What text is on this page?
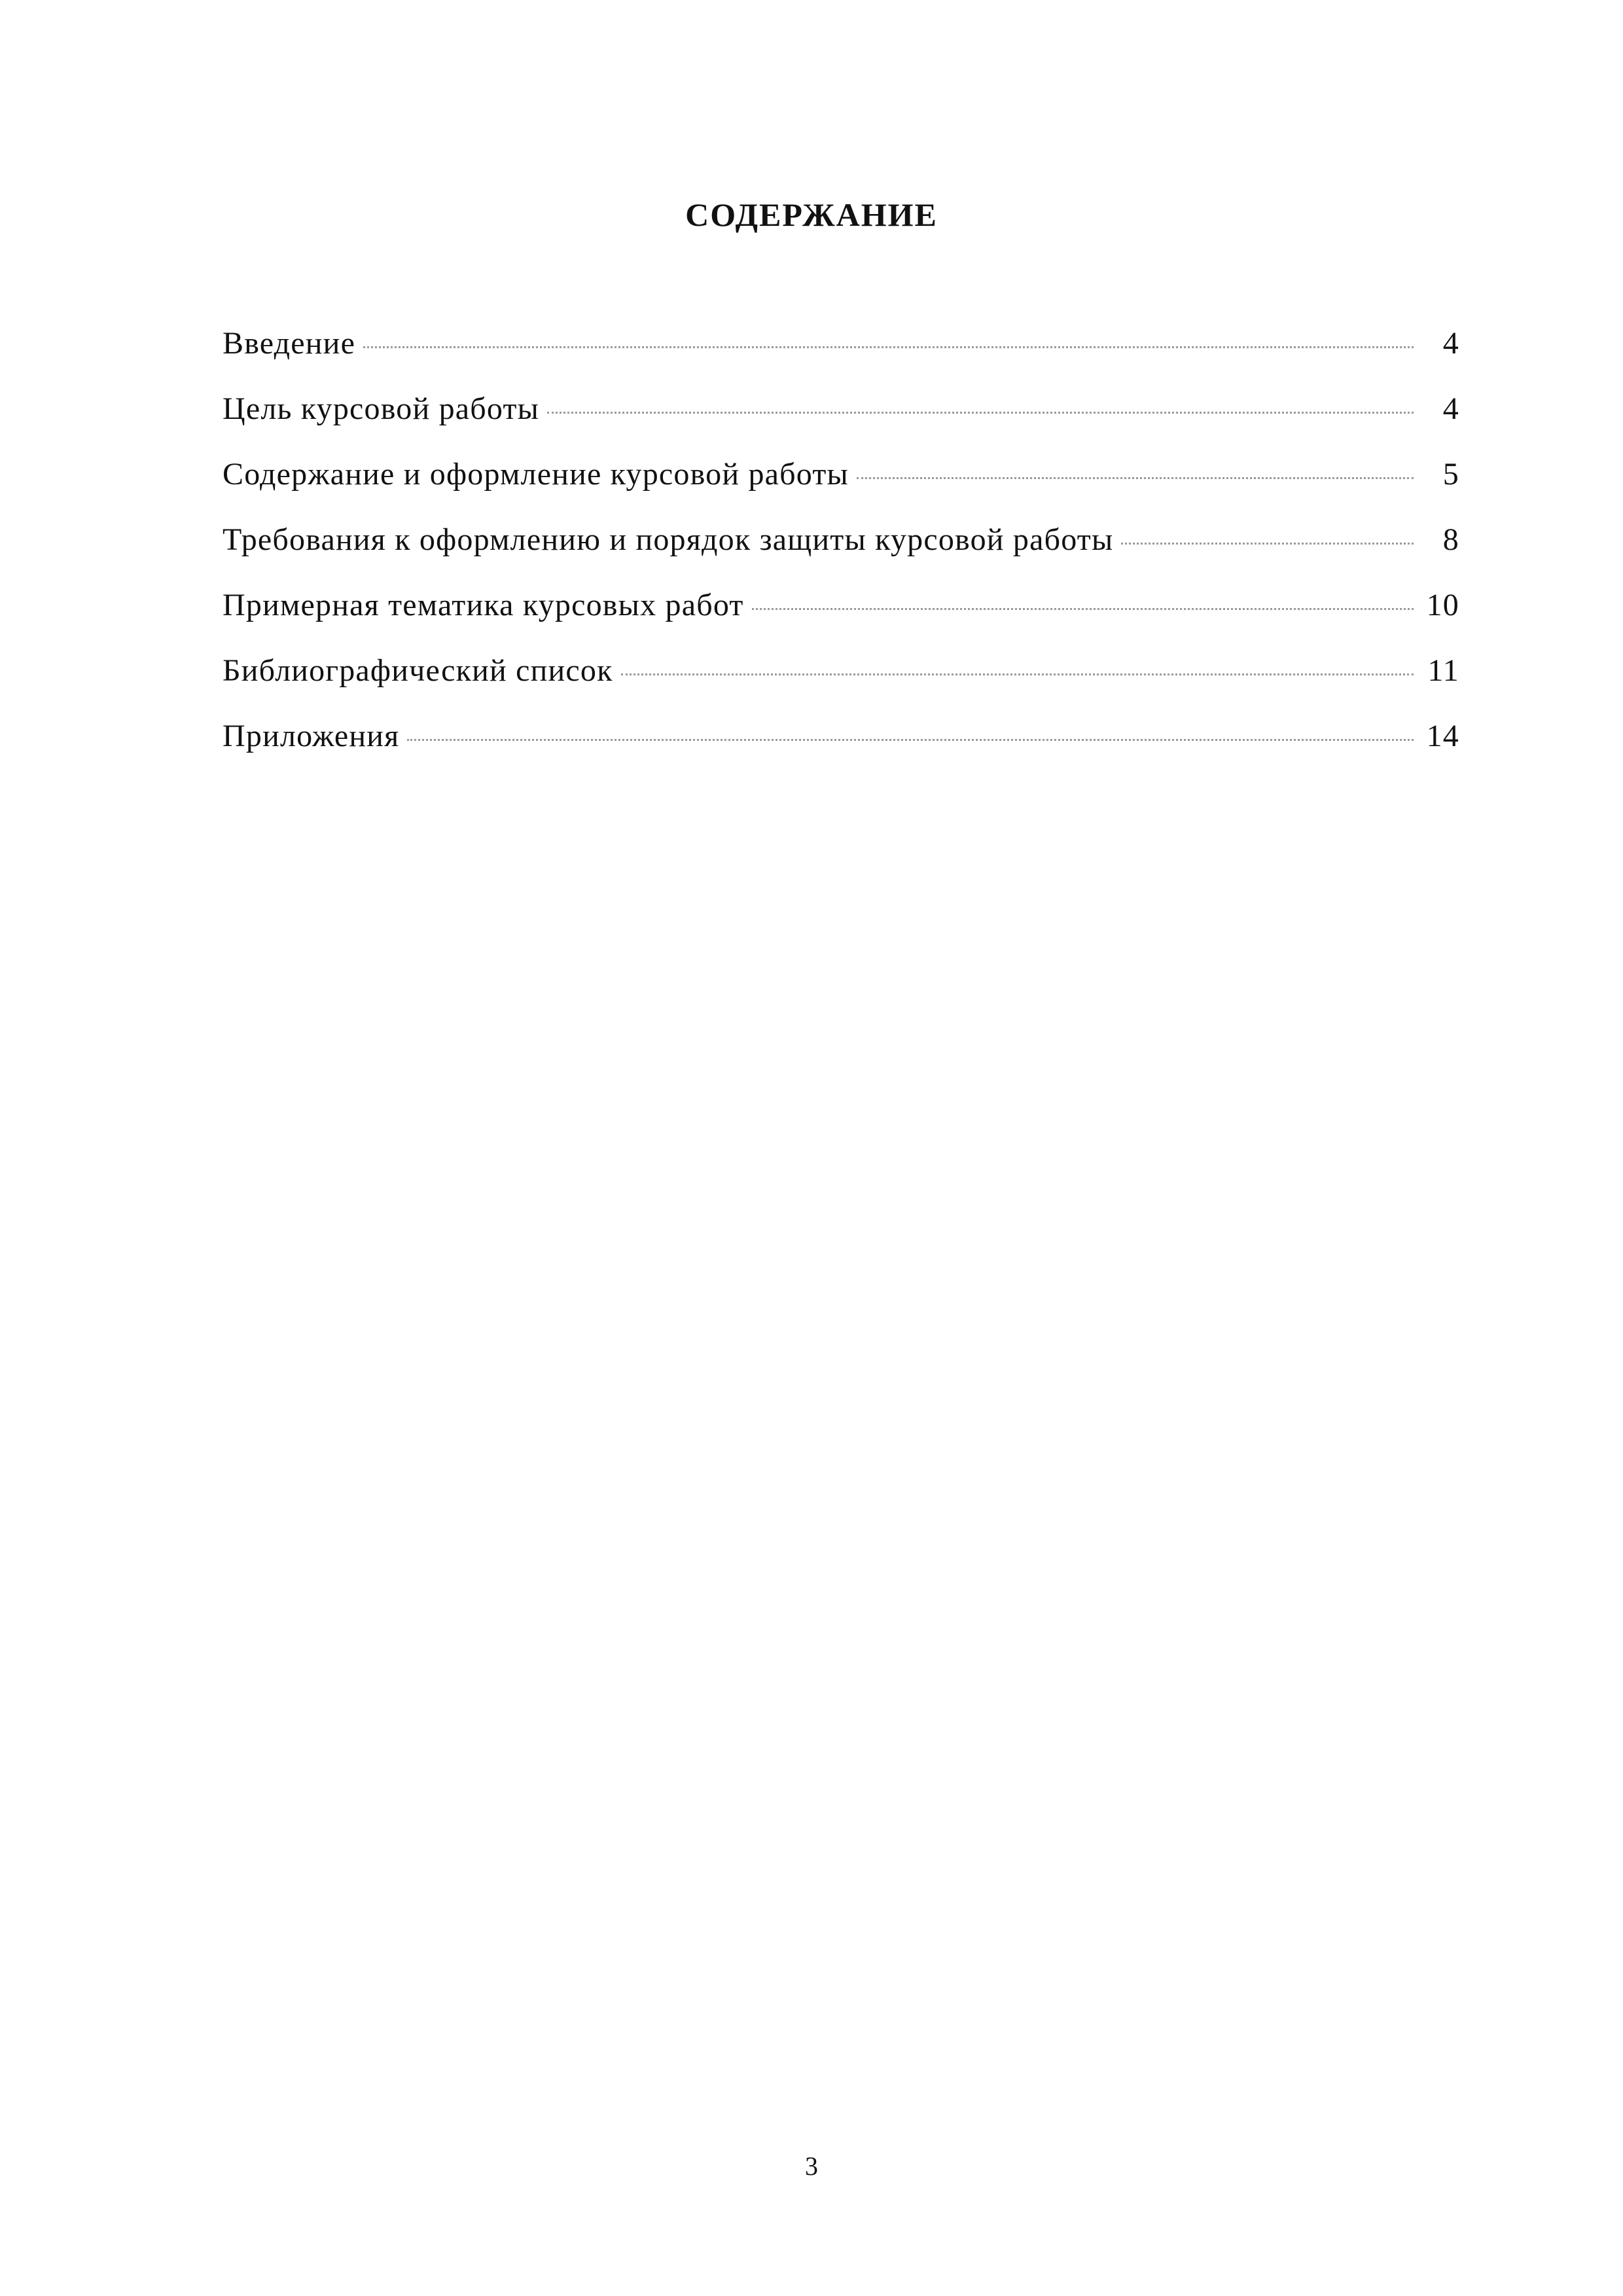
СОДЕРЖАНИЕ
Введение	4
Цель курсовой работы	4
Содержание и оформление курсовой работы	5
Требования к оформлению и порядок защиты курсовой работы	8
Примерная тематика курсовых работ	10
Библиографический список	11
Приложения	14
3
